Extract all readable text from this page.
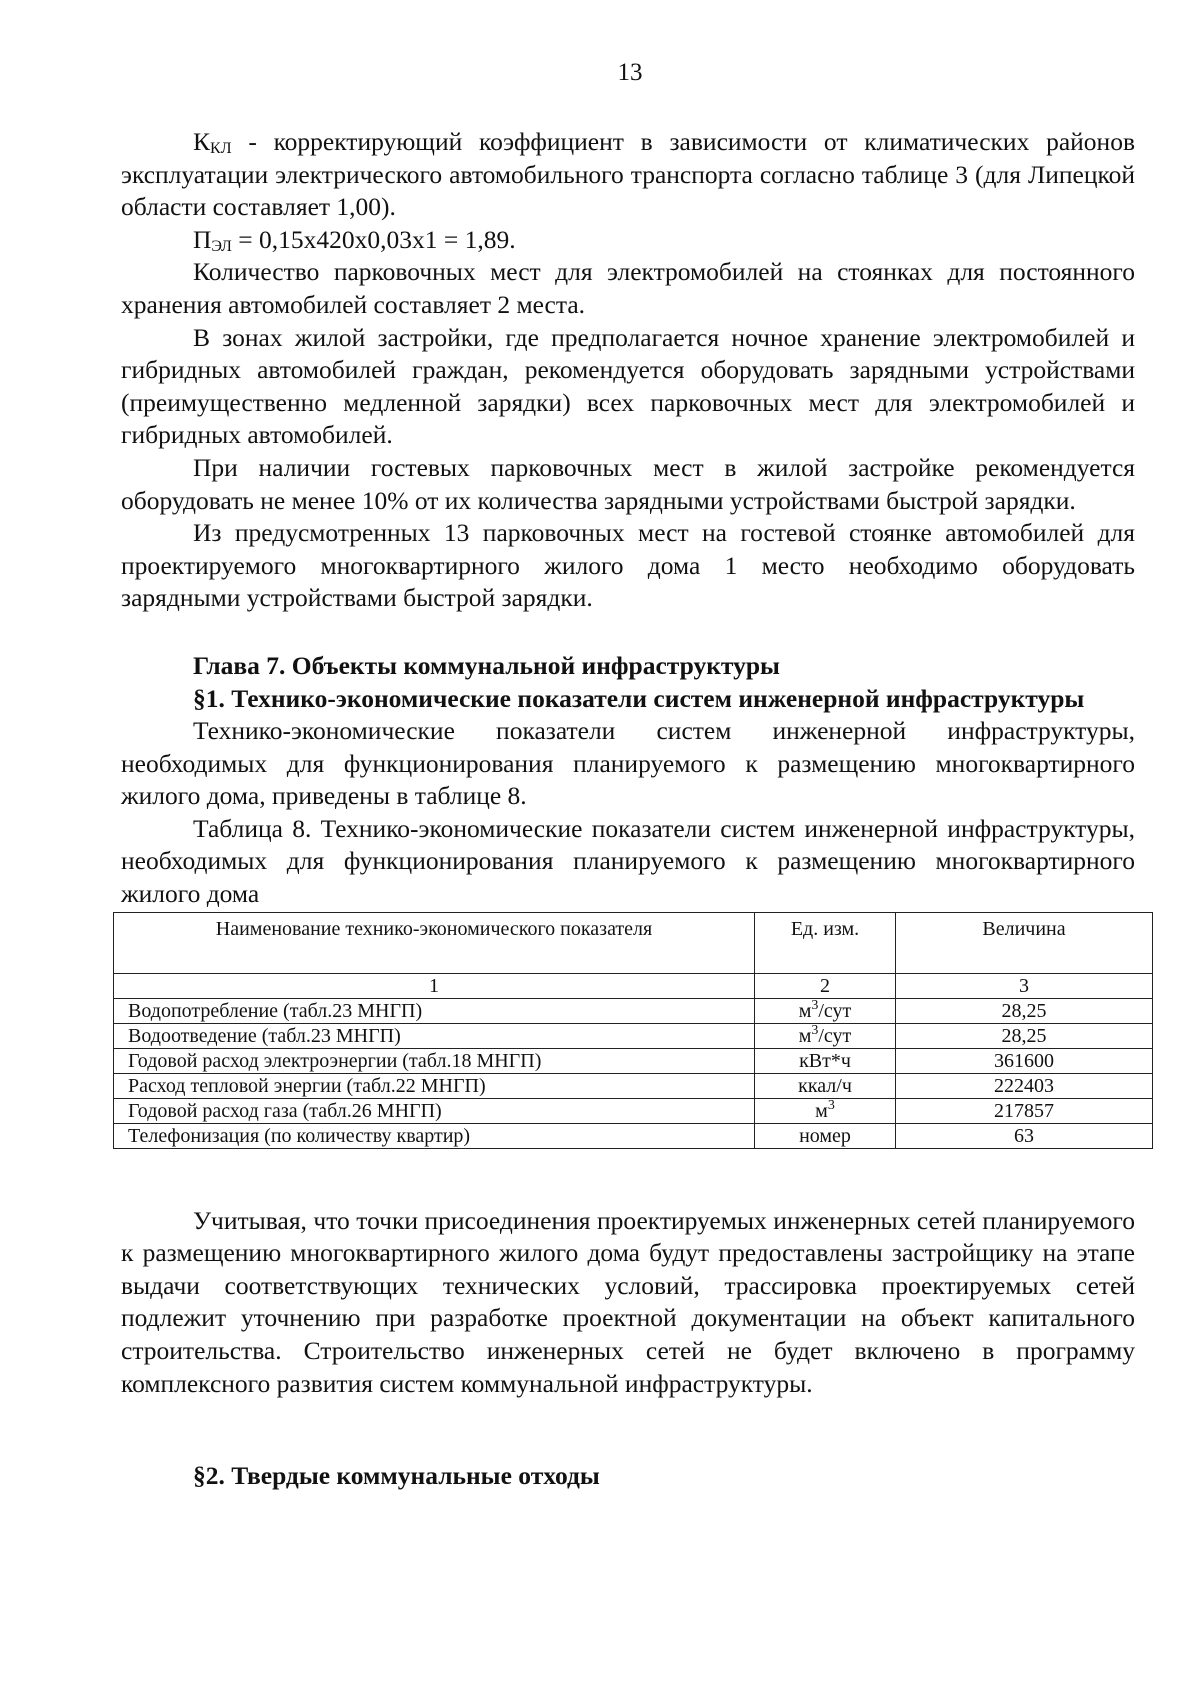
13

$К_{КЛ}$ - корректирующий коэффициент в зависимости от климатических районов эксплуатации электрического автомобильного транспорта согласно таблице 3 (для Липецкой области составляет 1,00).

$П_{ЭЛ} = 0,15х420х0,03х1 = 1,89$.

Количество парковочных мест для электромобилей на стоянках для постоянного хранения автомобилей составляет 2 места.

В зонах жилой застройки, где предполагается ночное хранение электромобилей и гибридных автомобилей граждан, рекомендуется оборудовать зарядными устройствами (преимущественно медленной зарядки) всех парковочных мест для электромобилей и гибридных автомобилей.

При наличии гостевых парковочных мест в жилой застройке рекомендуется оборудовать не менее 10% от их количества зарядными устройствами быстрой зарядки.

Из предусмотренных 13 парковочных мест на гостевой стоянке автомобилей для проектируемого многоквартирного жилого дома 1 место необходимо оборудовать зарядными устройствами быстрой зарядки.

Глава 7. Объекты коммунальной инфраструктуры

§1. Технико-экономические показатели систем инженерной инфраструктуры

Технико-экономические показатели систем инженерной инфраструктуры, необходимых для функционирования планируемого к размещению многоквартирного жилого дома, приведены в таблице 8.

Таблица 8. Технико-экономические показатели систем инженерной инфраструктуры, необходимых для функционирования планируемого к размещению многоквартирного жилого дома

Наименование технико-экономического показателя	Ед. изм.	Величина
1	2	3
Водопотребление (табл.23 МНГП)	$м^3$/сут	28,25
Водоотведение (табл.23 МНГП)	$м^3$/сут	28,25
Годовой расход электроэнергии (табл.18 МНГП)	кВт*ч	361600
Расход тепловой энергии (табл.22 МНГП)	ккал/ч	222403
Годовой расход газа (табл.26 МНГП)	$м^3$	217857
Телефонизация (по количеству квартир)	номер	63

Учитывая, что точки присоединения проектируемых инженерных сетей планируемого к размещению многоквартирного жилого дома будут предоставлены застройщику на этапе выдачи соответствующих технических условий, трассировка проектируемых сетей подлежит уточнению при разработке проектной документации на объект капитального строительства. Строительство инженерных сетей не будет включено в программу комплексного развития систем коммунальной инфраструктуры.

§2. Твердые коммунальные отходы
